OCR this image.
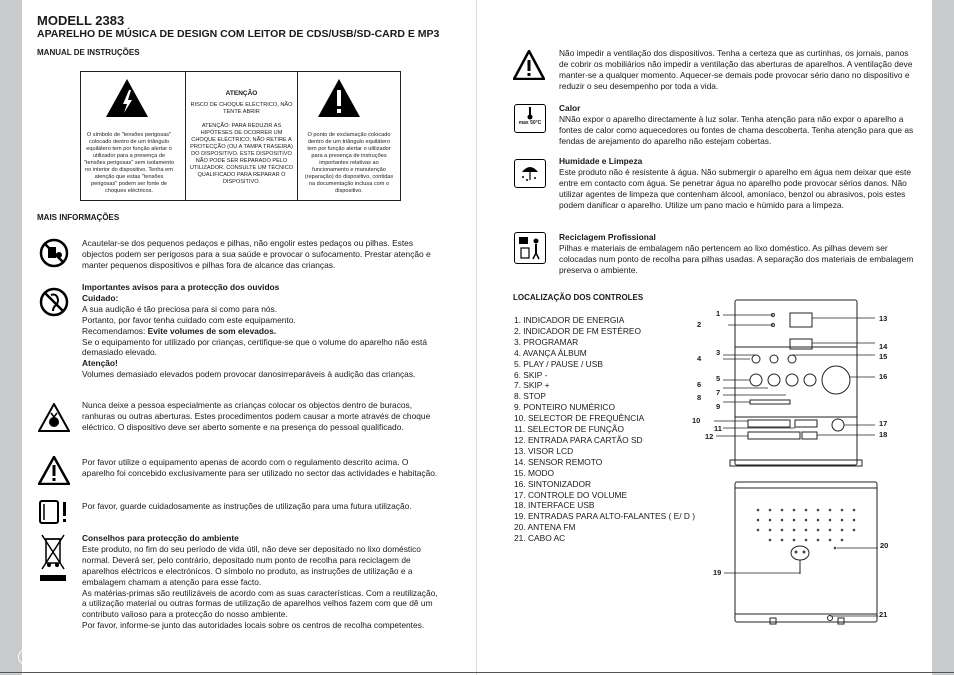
MODELL 2383
APARELHO DE MÚSICA DE DESIGN COM LEITOR DE CDS/USB/SD-CARD E MP3
MANUAL DE INSTRUÇÕES
O símbolo de "tensões perigosas" colocado dentro de um triângulo equilátero tem por função alertar o utilizador para a presença de "tensões perigosas" sem isolamento no interior do dispositivo. Tenha em atenção que estas "tensões perigosas" podem ser fonte de choques eléctricos.
ATENÇÃO
RISCO DE CHOQUE ELÉCTRICO, NÃO TENTE ABRIR
ATENÇÃO: PARA REDUZIR AS HIPÓTESES DE OCORRER UM CHOQUE ELÉCTRICO, NÃO RETIRE A PROTECÇÃO (OU A TAMPA TRASEIRA) DO DISPOSITIVO. ESTE DISPOSITIVO NÃO PODE SER REPARADO PELO UTILIZADOR. CONSULTE UM TÉCNICO QUALIFICADO PARA REPARAR O DISPOSITIVO.
O ponto de exclamação colocado dentro de um triângulo equilátero tem por função alertar o utilizador para a presença de instruções importantes relativas ao funcionamento e manutenção (reparação) do dispositivo, contidas na documentação inclusa com o dispositivo.
MAIS INFORMAÇÕES
Acautelar-se dos pequenos pedaços e pilhas, não engolir estes pedaços ou pilhas. Estes objectos podem ser perigosos para a sua saúde e provocar o sufocamento. Prestar atenção e manter pequenos dispositivos e pilhas fora de alcance das crianças.
Importantes avisos para a protecção dos ouvidos
Cuidado:
A sua audição é tão preciosa para si como para nós.
Portanto, por favor tenha cuidado com este equipamento.
Recomendamos: Evite volumes de som elevados.
Se o equipamento for utilizado por crianças, certifique-se que o volume do aparelho não está demasiado elevado.
Atenção!
Volumes demasiado elevados podem provocar danosirreparáveis à audição das crianças.
Nunca deixe a pessoa especialmente as crianças colocar os objectos dentro de buracos, ranhuras ou outras aberturas. Estes procedimentos podem causar a morte através de choque eléctrico. O dispositivo deve ser aberto somente e na presença do pessoal qualificado.
Por favor utilize o equipamento apenas de acordo com o regulamento descrito acima. O aparelho foi concebido exclusivamente para ser utilizado no sector das actividades e habitação.
Por favor, guarde cuidadosamente as instruções de utilização para uma futura utilização.
Conselhos para protecção do ambiente
Este produto, no fim do seu período de vida útil, não deve ser depositado no lixo doméstico normal. Deverá ser, pelo contrário, depositado num ponto de recolha para reciclagem de aparelhos eléctricos e electrónicos. O símbolo no produto, as instruções de utilização e a embalagem chamam a atenção para esse facto.
As matérias-primas são reutilizáveis de acordo com as suas características. Com a reutilização, a utilização material ou outras formas de utilização de aparelhos velhos fazem com que dê um contributo valioso para a protecção do nosso ambiente.
Por favor, informe-se junto das autoridades locais sobre os centros de recolha competentes.
PT 38.
Não impedir a ventilação dos dispositivos. Tenha a certeza que as curtinhas, os jornais, panos de cobrir os mobiliários não impedir a ventilação das aberturas de aparelhos. A ventilação deve manter-se a qualquer momento. Aquecer-se demais pode provocar sério dano no dispositivo e reduzir o seu desempenho por toda a vida.
max 50°C
Calor
NNão expor o aparelho directamente à luz solar. Tenha atenção para não expor o aparelho a fontes de calor como aquecedores ou fontes de chama descoberta. Tenha atenção para que as fendas de arejamento do aparelho não estejam cobertas.
Humidade e Limpeza
Este produto não é resistente à água. Não submergir o aparelho em água nem deixar que este entre em contacto com água. Se penetrar água no aparelho pode provocar sérios danos. Não utilizar agentes de limpeza que contenham álcool, amoníaco, benzol ou abrasivos, pois estes podem danificar o aparelho. Utilize um pano macio e húmido para a limpeza.
Reciclagem Profissional
Pilhas e materiais de embalagem não pertencem ao lixo doméstico. As pilhas devem ser colocadas num ponto de recolha para pilhas usadas. A separação dos materiais de embalagem preserva o ambiente.
LOCALIZAÇÃO DOS CONTROLES
1. INDICADOR DE ENERGIA
2. INDICADOR DE FM ESTÉREO
3. PROGRAMAR
4. AVANÇA ÁLBUM
5. PLAY / PAUSE / USB
6. SKIP -
7. SKIP +
8. STOP
9. PONTEIRO NUMÉRICO
10. SELECTOR DE FREQUÊNCIA
11. SELECTOR DE FUNÇÃO
12. ENTRADA PARA CARTÃO SD
13. VISOR LCD
14. SENSOR REMOTO
15. MODO
16. SINTONIZADOR
17. CONTROLE DO VOLUME
18. INTERFACE USB
19. ENTRADAS PARA ALTO-FALANTES ( E/ D )
20. ANTENA FM
21. CABO AC
1
2
3
4
5
6
7
8
9
10
11
12
13
14
15
16
17
18
19
20
21
PT 39.
